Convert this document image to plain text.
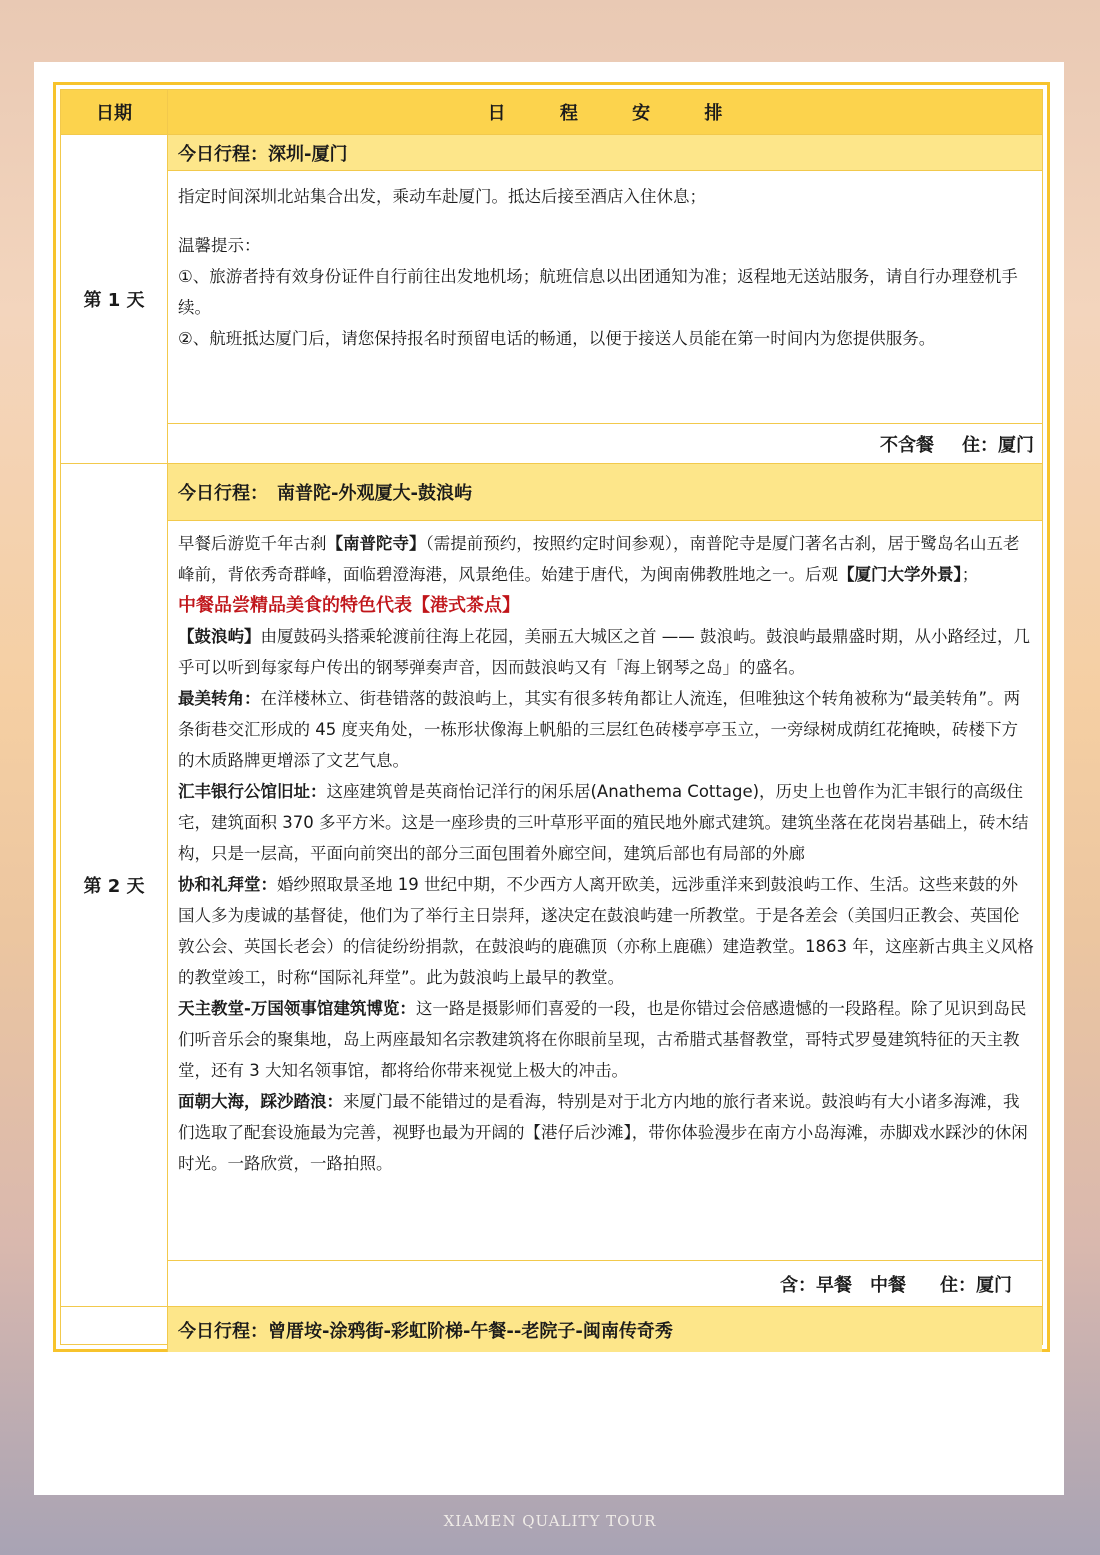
日期	日 程 安 排
第 1 天
今日行程：深圳-厦门

指定时间深圳北站集合出发，乘动车赴厦门。抵达后接至酒店入住休息；

温馨提示：

①、旅游者持有效身份证件自行前往出发地机场；航班信息以出团通知为准；返程地无送站服务，请自行办理登机手续。

②、航班抵达厦门后，请您保持报名时预留电话的畅通，以便于接送人员能在第一时间内为您提供服务。

不含餐 住：厦门
第 2 天
今日行程：　南普陀-外观厦大-鼓浪屿

早餐后游览千年古刹【南普陀寺】（需提前预约，按照约定时间参观），南普陀寺是厦门著名古刹，居于鹭岛名山五老峰前，背依秀奇群峰，面临碧澄海港，风景绝佳。始建于唐代，为闽南佛教胜地之一。后观【厦门大学外景】；

中餐品尝精品美食的特色代表【港式茶点】

【鼓浪屿】由厦鼓码头搭乘轮渡前往海上花园，美丽五大城区之首 —— 鼓浪屿。鼓浪屿最鼎盛时期，从小路经过，几乎可以听到每家每户传出的钢琴弹奏声音，因而鼓浪屿又有「海上钢琴之岛」的盛名。

最美转角：在洋楼林立、街巷错落的鼓浪屿上，其实有很多转角都让人流连，但唯独这个转角被称为“最美转角”。两条街巷交汇形成的 45 度夹角处，一栋形状像海上帆船的三层红色砖楼亭亭玉立，一旁绿树成荫红花掩映，砖楼下方的木质路牌更增添了文艺气息。

汇丰银行公馆旧址：这座建筑曾是英商怡记洋行的闲乐居(Anathema Cottage)，历史上也曾作为汇丰银行的高级住宅，建筑面积 370 多平方米。这是一座珍贵的三叶草形平面的殖民地外廊式建筑。建筑坐落在花岗岩基础上，砖木结构，只是一层高，平面向前突出的部分三面包围着外廊空间，建筑后部也有局部的外廊

协和礼拜堂：婚纱照取景圣地 19 世纪中期，不少西方人离开欧美，远涉重洋来到鼓浪屿工作、生活。这些来鼓的外国人多为虔诚的基督徒，他们为了举行主日崇拜，遂决定在鼓浪屿建一所教堂。于是各差会（美国归正教会、英国伦敦公会、英国长老会）的信徒纷纷捐款，在鼓浪屿的鹿礁顶（亦称上鹿礁）建造教堂。1863 年，这座新古典主义风格的教堂竣工，时称“国际礼拜堂”。此为鼓浪屿上最早的教堂。

天主教堂-万国领事馆建筑博览：这一路是摄影师们喜爱的一段，也是你错过会倍感遗憾的一段路程。除了见识到岛民们听音乐会的聚集地，岛上两座最知名宗教建筑将在你眼前呈现，古希腊式基督教堂，哥特式罗曼建筑特征的天主教堂，还有 3 大知名领事馆，都将给你带来视觉上极大的冲击。

面朝大海，踩沙踏浪：来厦门最不能错过的是看海，特别是对于北方内地的旅行者来说。鼓浪屿有大小诸多海滩，我们选取了配套设施最为完善，视野也最为开阔的【港仔后沙滩】，带你体验漫步在南方小岛海滩，赤脚戏水踩沙的休闲时光。一路欣赏，一路拍照。

含：早餐　中餐 住：厦门
今日行程：曾厝垵-涂鸦街-彩虹阶梯-午餐--老院子-闽南传奇秀
XIAMEN QUALITY TOUR
